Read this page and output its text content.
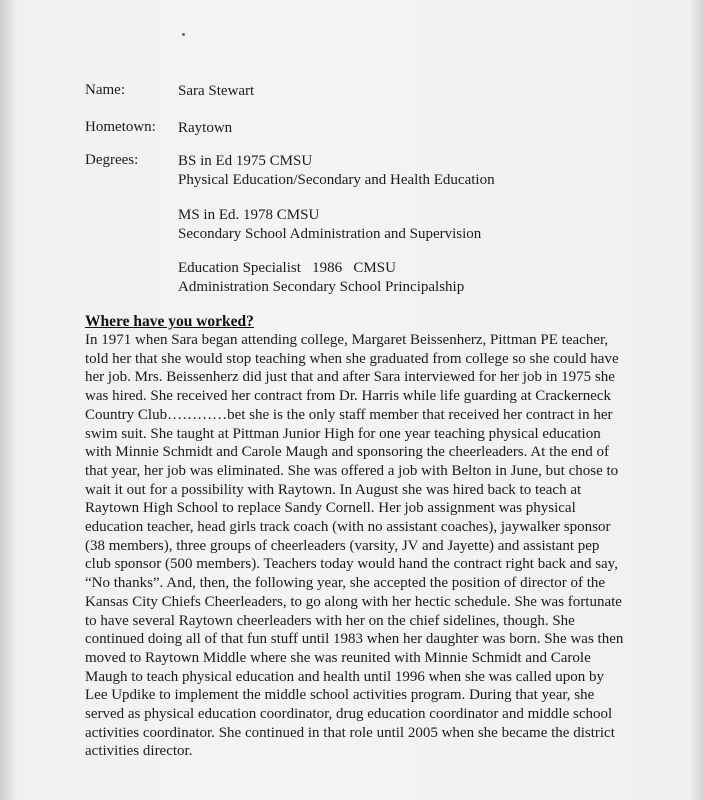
Name:	Sara Stewart
Hometown: Raytown
Degrees:	BS in Ed 1975 CMSU
Physical Education/Secondary and Health Education
MS in Ed. 1978 CMSU
Secondary School Administration and Supervision
Education Specialist   1986   CMSU
Administration Secondary School Principalship
Where have you worked?
In 1971 when Sara began attending college, Margaret Beissenherz, Pittman PE teacher,
told her that she would stop teaching when she graduated from college so she could have
her job. Mrs. Beissenherz did just that and after Sara interviewed for her job in 1975 she
was hired. She received her contract from Dr. Harris while life guarding at Crackerneck
Country Club…………bet she is the only staff member that received her contract in her
swim suit. She taught at Pittman Junior High for one year teaching physical education
with Minnie Schmidt and Carole Maugh and sponsoring the cheerleaders. At the end of
that year, her job was eliminated. She was offered a job with Belton in June, but chose to
wait it out for a possibility with Raytown. In August she was hired back to teach at
Raytown High School to replace Sandy Cornell. Her job assignment was physical
education teacher, head girls track coach (with no assistant coaches), jaywalker sponsor
(38 members), three groups of cheerleaders (varsity, JV and Jayette) and assistant pep
club sponsor (500 members). Teachers today would hand the contract right back and say,
“No thanks”. And, then, the following year, she accepted the position of director of the
Kansas City Chiefs Cheerleaders, to go along with her hectic schedule. She was fortunate
to have several Raytown cheerleaders with her on the chief sidelines, though. She
continued doing all of that fun stuff until 1983 when her daughter was born. She was then
moved to Raytown Middle where she was reunited with Minnie Schmidt and Carole
Maugh to teach physical education and health until 1996 when she was called upon by
Lee Updike to implement the middle school activities program. During that year, she
served as physical education coordinator, drug education coordinator and middle school
activities coordinator. She continued in that role until 2005 when she became the district
activities director.
